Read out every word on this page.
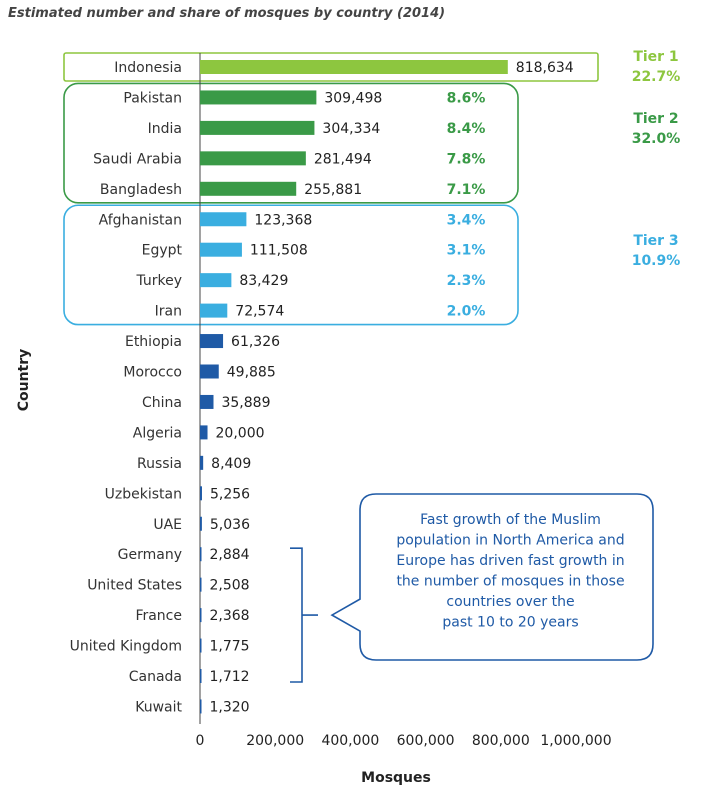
Estimated number and share of mosques by country (2014)
Tier 1
22.7%
Tier 2
32.0%
Tier 3
10.9%
0	200,000 400,000 600,000 800,000 1,000,000
Mosques
Country
Indonesia	818,634
Pakistan	309,498	8.6%
India	304,334	8.4%
Saudi Arabia	281,494	7.8%
Bangladesh	255,881	7.1%
Afghanistan	123,368	3.4%
Egypt	111,508	3.1%
Turkey	83,429	2.3%
Iran	72,574	2.0%
Ethiopia	61,326
Morocco	49,885
China	35,889
Algeria 20,000
Russia 8,409
Uzbekistan 5,256
UAE 5,036
Germany 2,884
United States 2,508
France 2,368
United Kingdom 1,775
Canada 1,712
Kuwait 1,320
Fast growth of the Muslim
population in North America and
Europe has driven fast growth in
the number of mosques in those
countries over the
past 10 to 20 years
